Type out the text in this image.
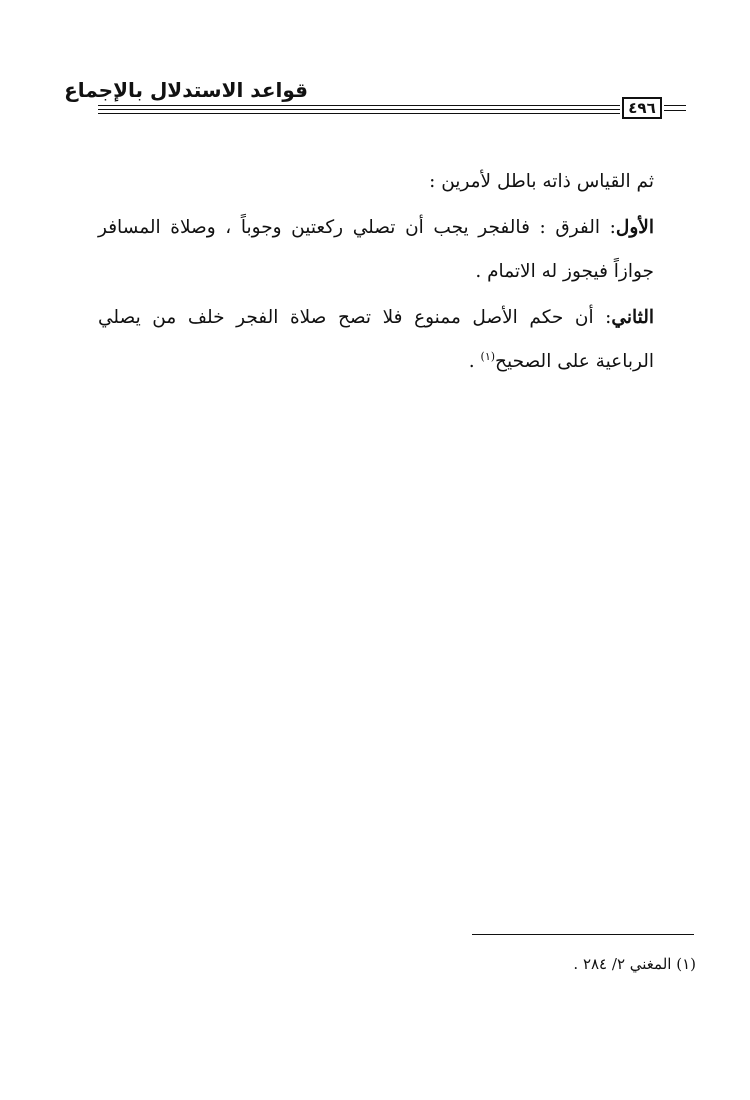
قواعد الاستدلال بالإجماع
٤٩٦

ثم القياس ذاته باطل لأمرين :

الأول: الفرق : فالفجر يجب أن تصلي ركعتين وجوباً ، وصلاة المسافر جوازاً فيجوز له الاتمام .

الثاني: أن حكم الأصل ممنوع فلا تصح صلاة الفجر خلف من يصلي الرباعية على الصحيح$^{(١)}$ .

(١) المغني ٢/ ٢٨٤ .
